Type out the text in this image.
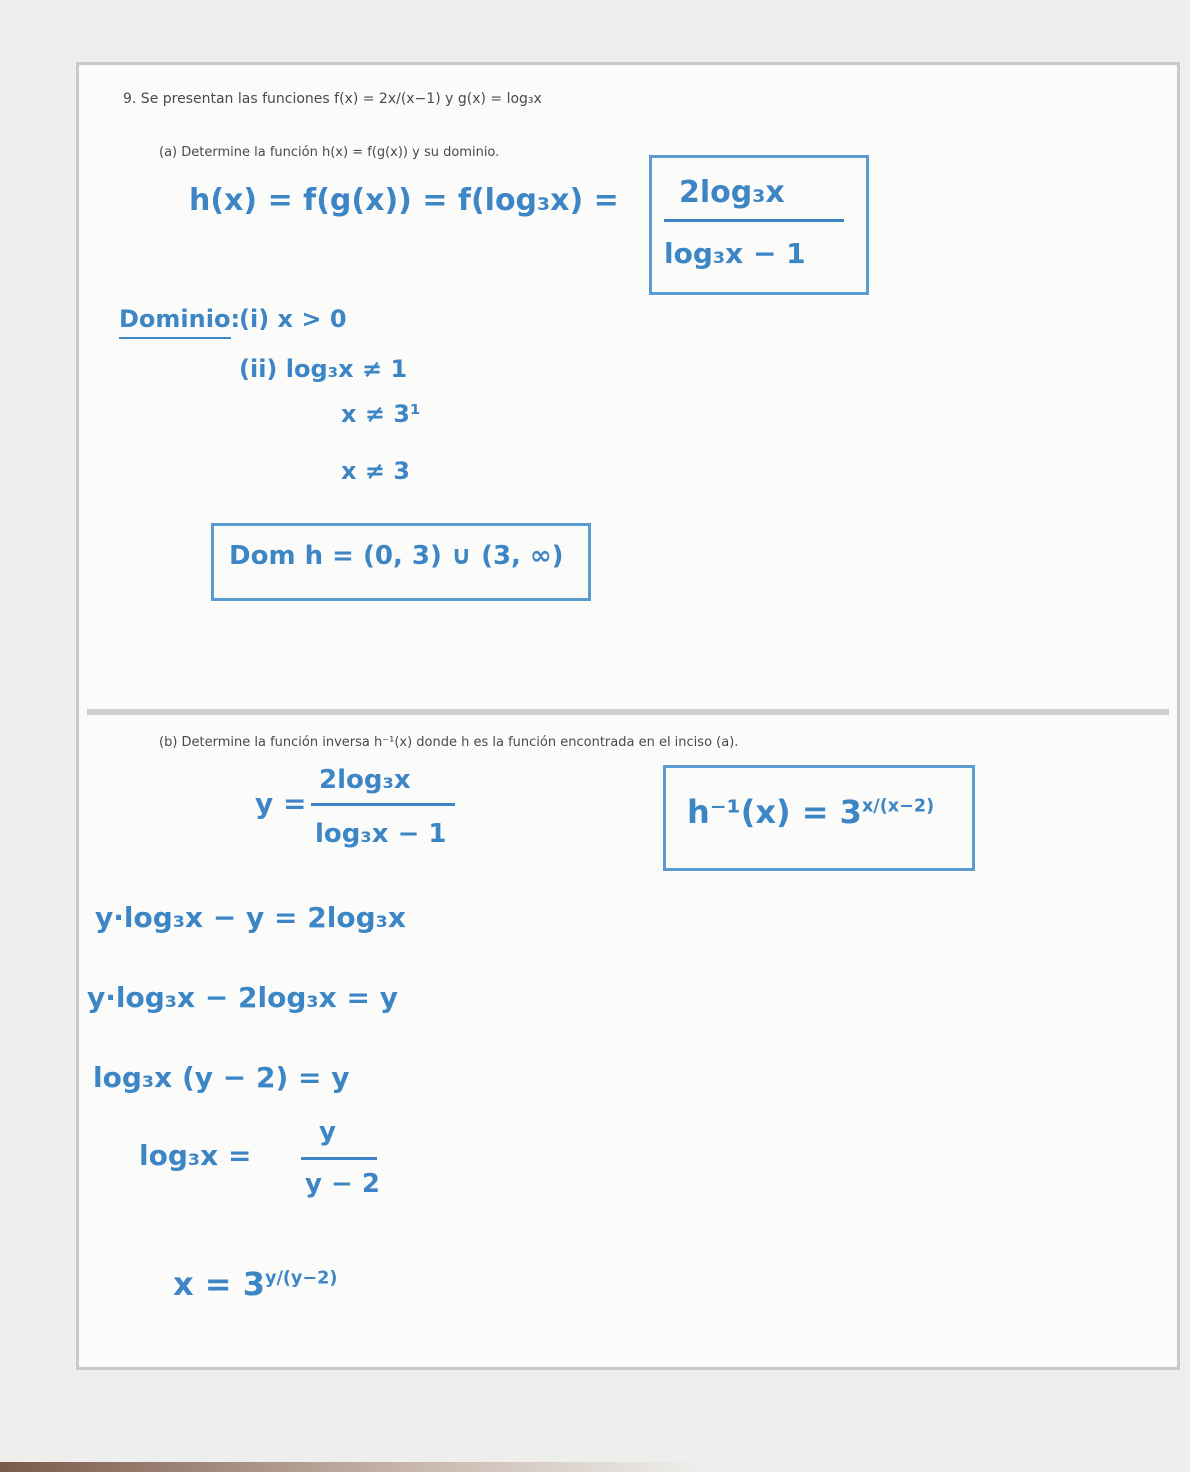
9. Se presentan las funciones f(x) = 2x/(x−1) y g(x) = log₃x
(a) Determine la función h(x) = f(g(x)) y su dominio.
h(x) = f(g(x)) = f(log₃x) = 2log₃x
log₃x − 1
Dominio:
(i) x > 0
(ii) log₃x ≠ 1
x ≠ 3¹
x ≠ 3
Dom h = (0, 3) ∪ (3, ∞)
(b) Determine la función inversa h⁻¹(x) donde h es la función encontrada en el inciso (a).
y =
2log₃x
log₃x − 1
y·log₃x − y = 2log₃x
y·log₃x − 2log₃x = y
log₃x (y − 2) = y
log₃x =
y
y − 2
$x = 3^{y/(y-2)}$
$h^{-1}(x) = 3^{x/(x-2)}$
